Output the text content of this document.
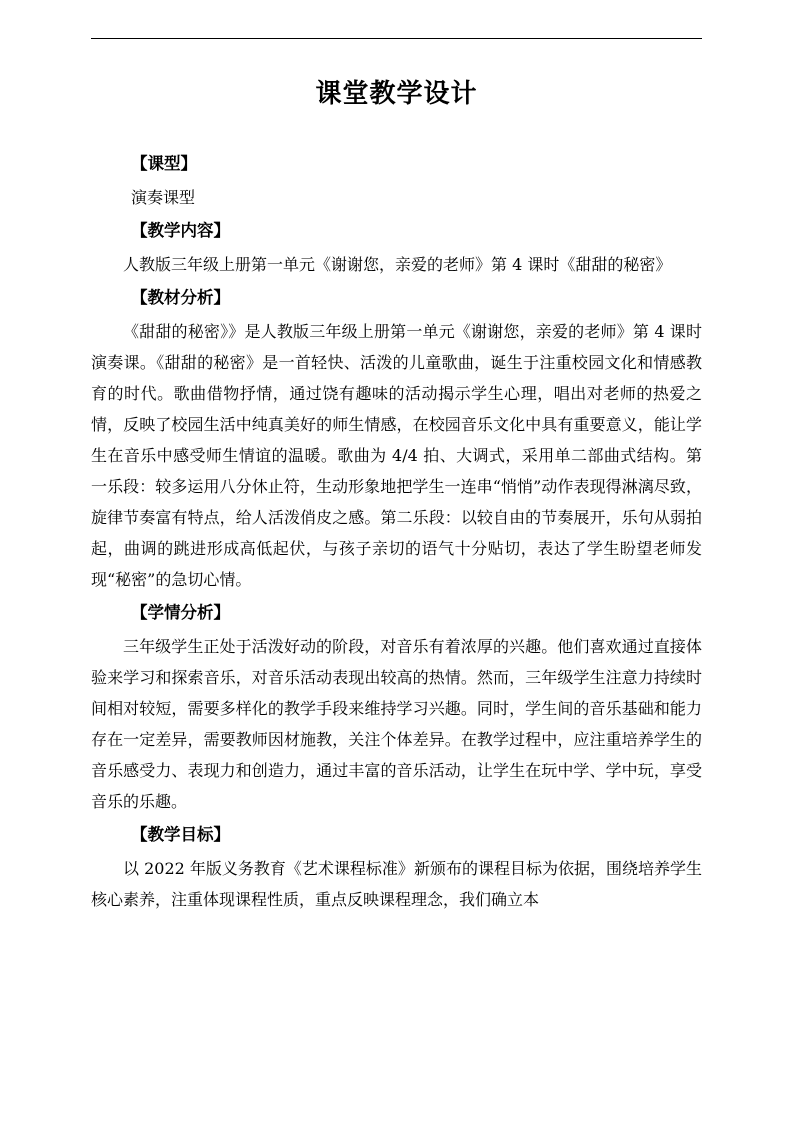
课堂教学设计

【课型】

演奏课型

【教学内容】

人教版三年级上册第一单元《谢谢您，亲爱的老师》第 4 课时《甜甜的秘密》

【教材分析】

《甜甜的秘密》》是人教版三年级上册第一单元《谢谢您，亲爱的老师》第 4 课时演奏课。《甜甜的秘密》是一首轻快、活泼的儿童歌曲，诞生于注重校园文化和情感教育的时代。歌曲借物抒情，通过饶有趣味的活动揭示学生心理，唱出对老师的热爱之情，反映了校园生活中纯真美好的师生情感，在校园音乐文化中具有重要意义，能让学生在音乐中感受师生情谊的温暖。歌曲为 4/4 拍、大调式，采用单二部曲式结构。第一乐段：较多运用八分休止符，生动形象地把学生一连串“悄悄”动作表现得淋漓尽致，旋律节奏富有特点，给人活泼俏皮之感。第二乐段：以较自由的节奏展开，乐句从弱拍起，曲调的跳进形成高低起伏，与孩子亲切的语气十分贴切，表达了学生盼望老师发现“秘密”的急切心情。

【学情分析】

三年级学生正处于活泼好动的阶段，对音乐有着浓厚的兴趣。他们喜欢通过直接体验来学习和探索音乐，对音乐活动表现出较高的热情。然而，三年级学生注意力持续时间相对较短，需要多样化的教学手段来维持学习兴趣。同时，学生间的音乐基础和能力存在一定差异，需要教师因材施教，关注个体差异。在教学过程中，应注重培养学生的音乐感受力、表现力和创造力，通过丰富的音乐活动，让学生在玩中学、学中玩，享受音乐的乐趣。

【教学目标】

以 2022 年版义务教育《艺术课程标准》新颁布的课程目标为依据，围绕培养学生核心素养，注重体现课程性质，重点反映课程理念，我们确立本
